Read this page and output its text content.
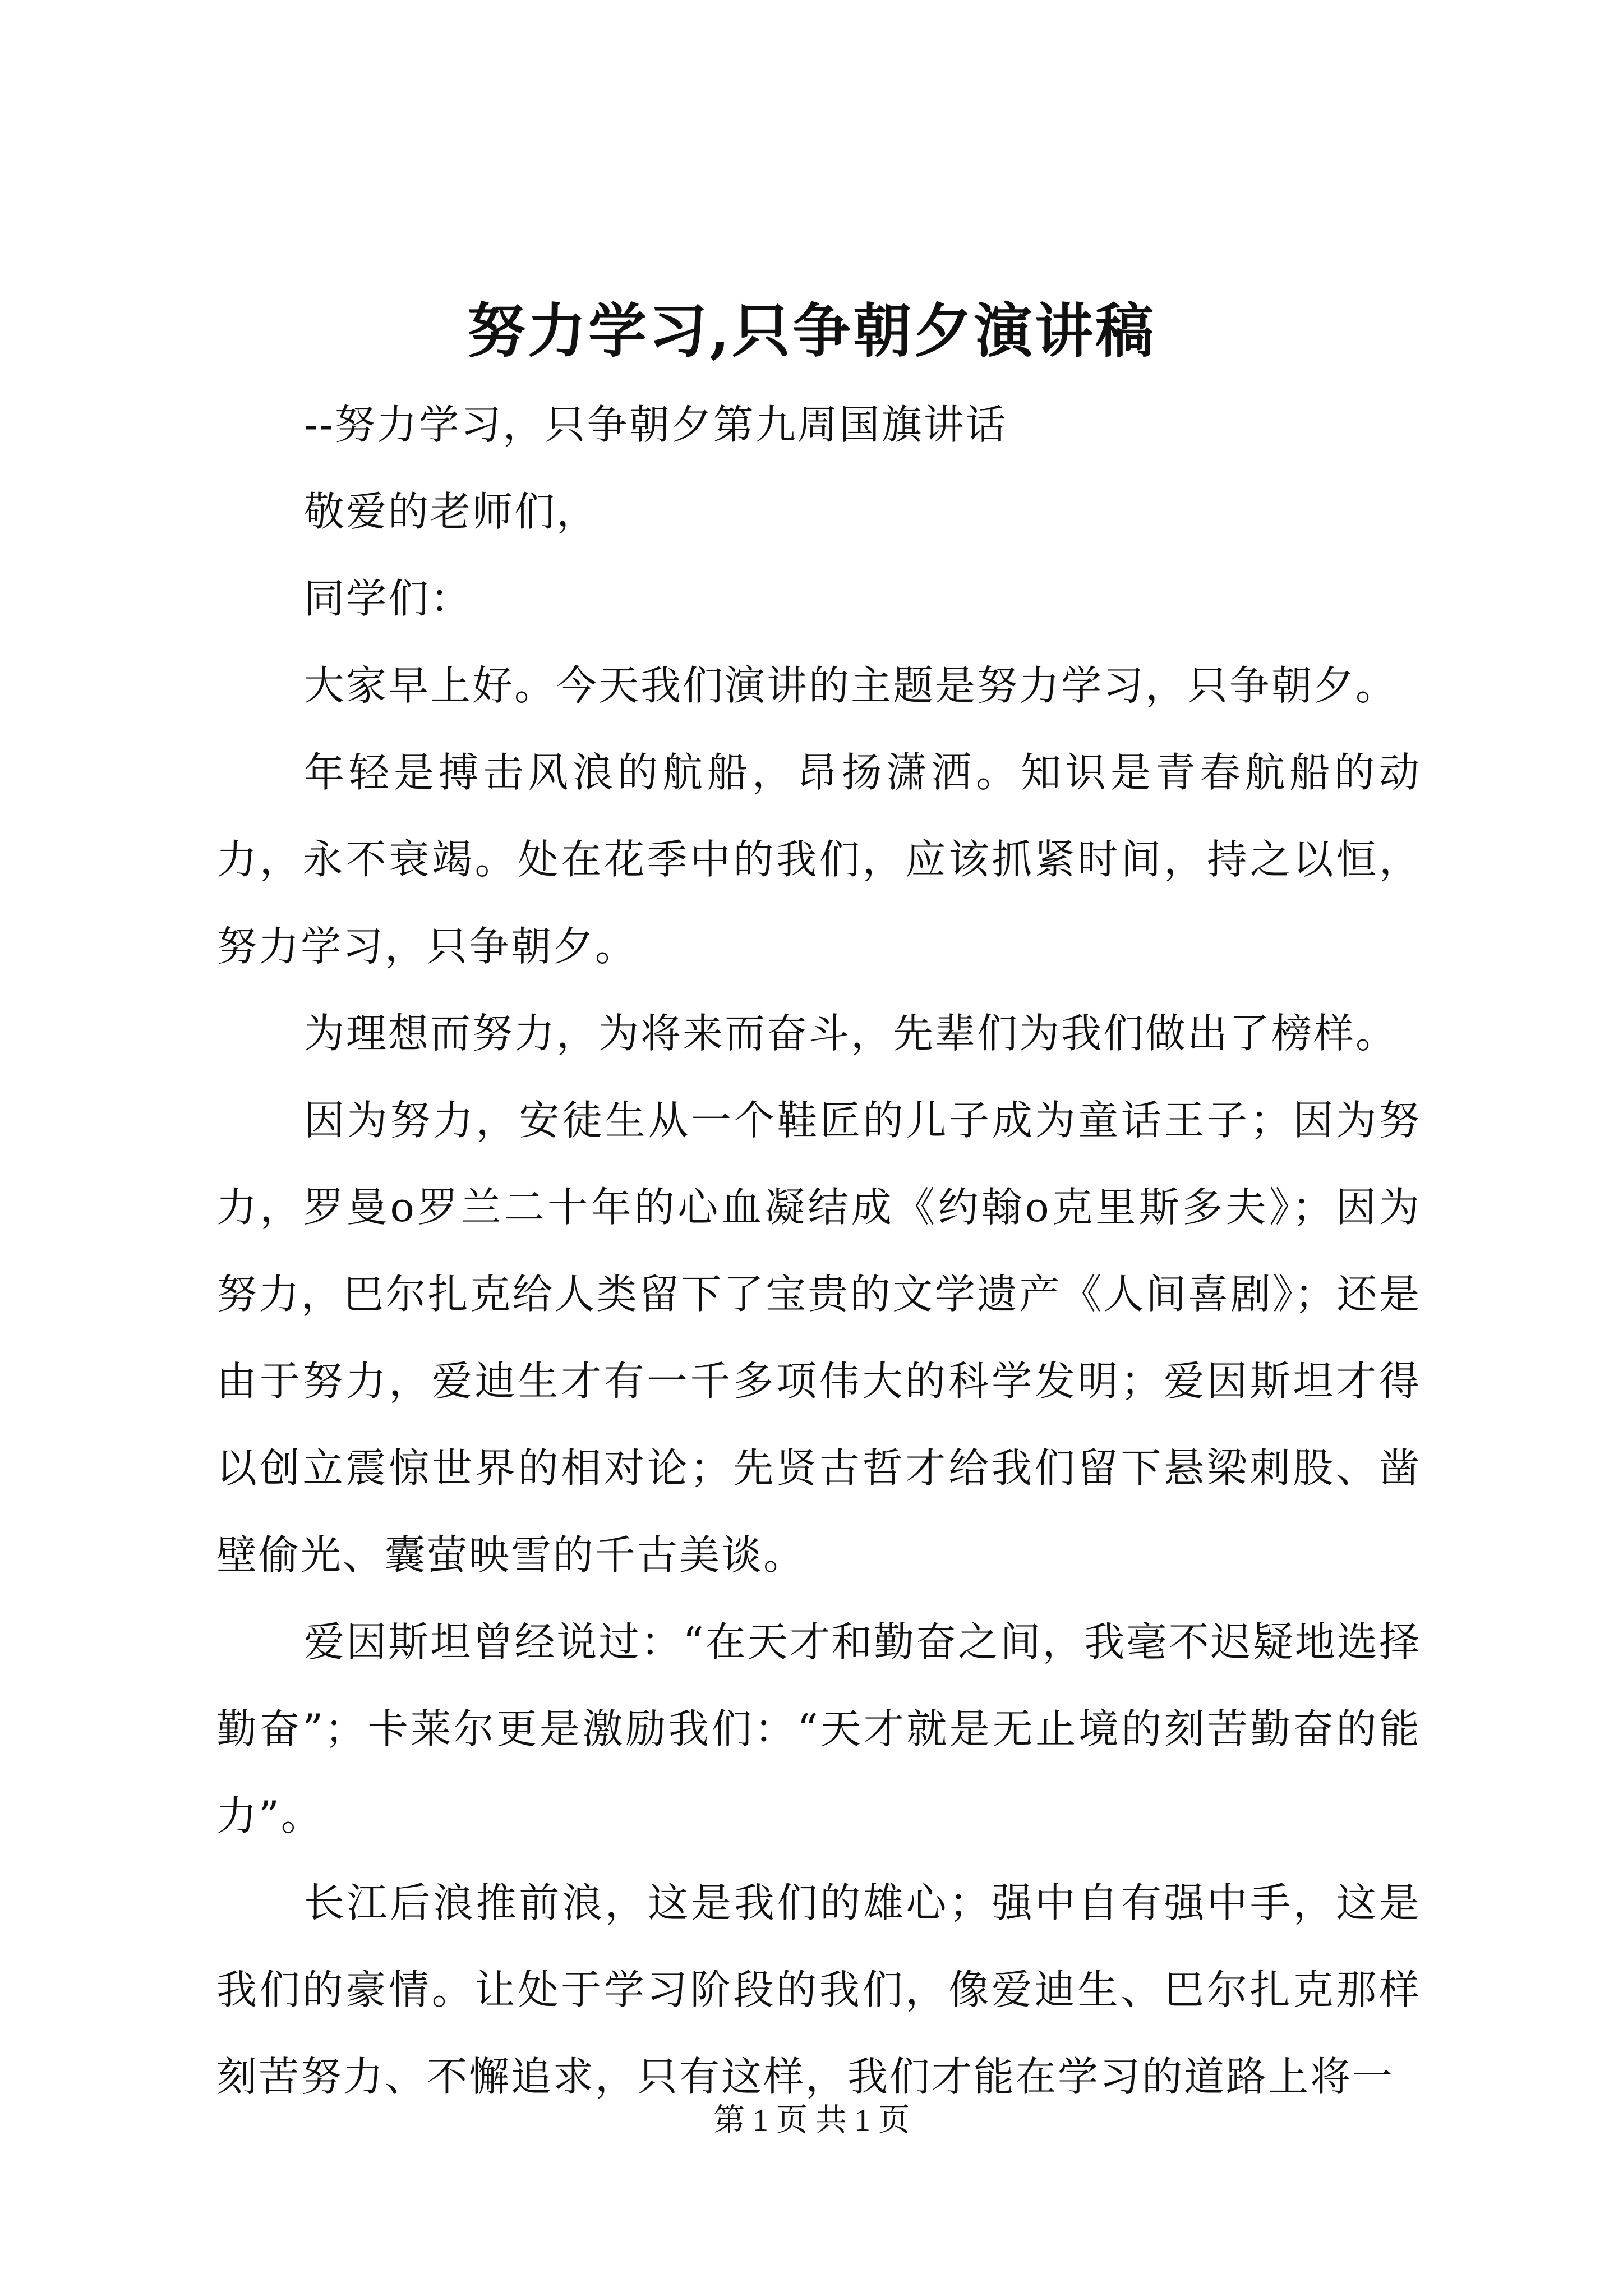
努力学习,只争朝夕演讲稿

--努力学习，只争朝夕第九周国旗讲话

敬爱的老师们，

同学们：

大家早上好。今天我们演讲的主题是努力学习，只争朝夕。

年轻是搏击风浪的航船，昂扬潇洒。知识是青春航船的动力，永不衰竭。处在花季中的我们，应该抓紧时间，持之以恒，努力学习，只争朝夕。

为理想而努力，为将来而奋斗，先辈们为我们做出了榜样。

因为努力，安徒生从一个鞋匠的儿子成为童话王子；因为努力，罗曼ο罗兰二十年的心血凝结成《约翰ο克里斯多夫》；因为努力，巴尔扎克给人类留下了宝贵的文学遗产《人间喜剧》；还是由于努力，爱迪生才有一千多项伟大的科学发明；爱因斯坦才得以创立震惊世界的相对论；先贤古哲才给我们留下悬梁刺股、凿壁偷光、囊萤映雪的千古美谈。

爱因斯坦曾经说过：“在天才和勤奋之间，我毫不迟疑地选择勤奋”；卡莱尔更是激励我们：“天才就是无止境的刻苦勤奋的能力”。

长江后浪推前浪，这是我们的雄心；强中自有强中手，这是我们的豪情。让处于学习阶段的我们，像爱迪生、巴尔扎克那样刻苦努力、不懈追求，只有这样，我们才能在学习的道路上将一

第 1 页 共 1 页
